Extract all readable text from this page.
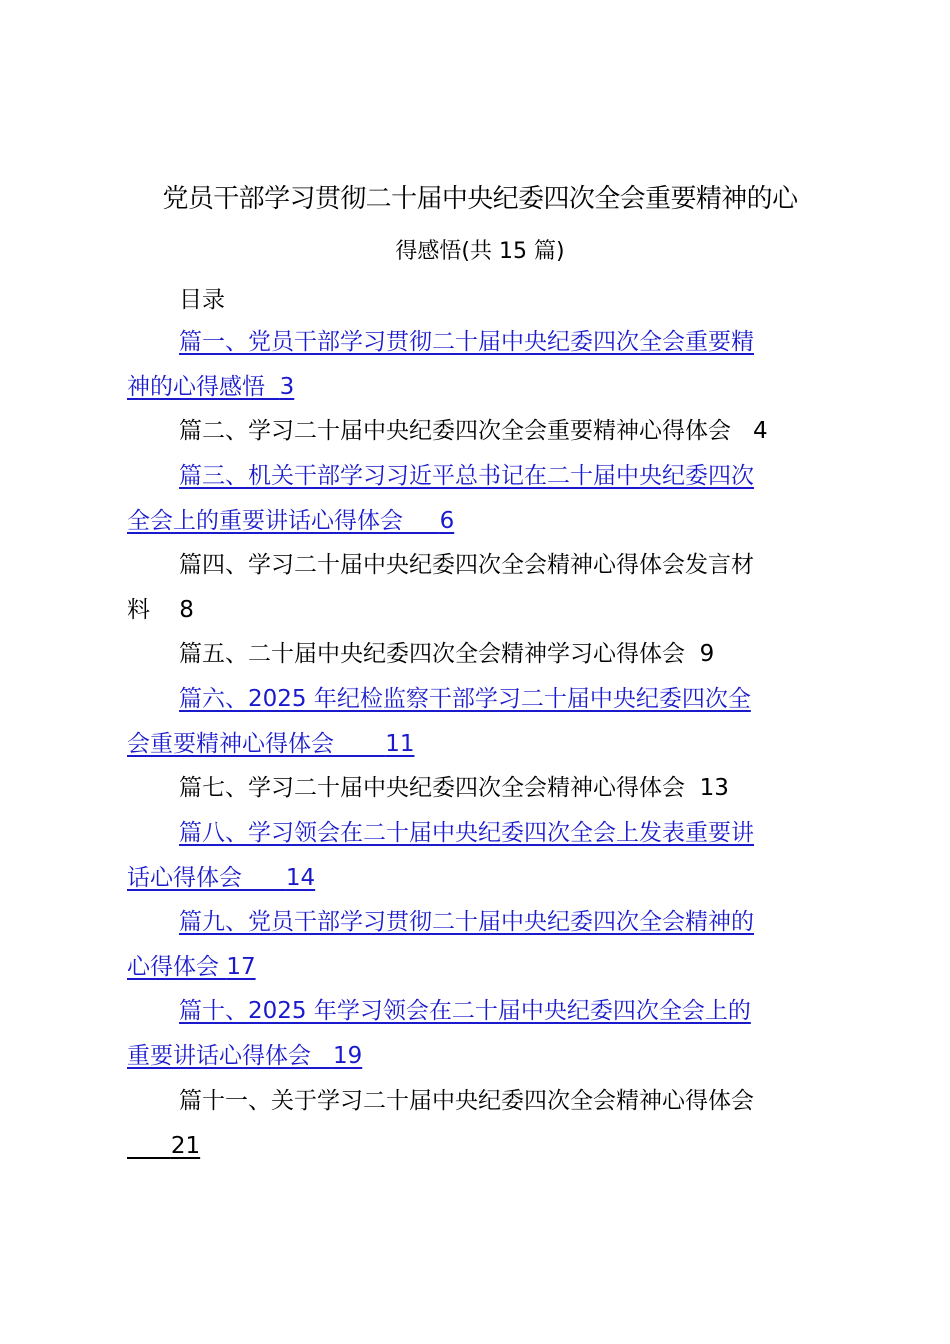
党员干部学习贯彻二十届中央纪委四次全会重要精神的心
得感悟(共 15 篇)
目录
篇一、党员干部学习贯彻二十届中央纪委四次全会重要精
神的心得感悟 3
篇二、学习二十届中央纪委四次全会重要精神心得体会 4
篇三、机关干部学习习近平总书记在二十届中央纪委四次
全会上的重要讲话心得体会 6
篇四、学习二十届中央纪委四次全会精神心得体会发言材
料 8
篇五、二十届中央纪委四次全会精神学习心得体会 9
篇六、2025 年纪检监察干部学习二十届中央纪委四次全
会重要精神心得体会 11
篇七、学习二十届中央纪委四次全会精神心得体会 13
篇八、学习领会在二十届中央纪委四次全会上发表重要讲
话心得体会 14
篇九、党员干部学习贯彻二十届中央纪委四次全会精神的
心得体会 17
篇十、2025 年学习领会在二十届中央纪委四次全会上的
重要讲话心得体会 19
篇十一、关于学习二十届中央纪委四次全会精神心得体会
21
